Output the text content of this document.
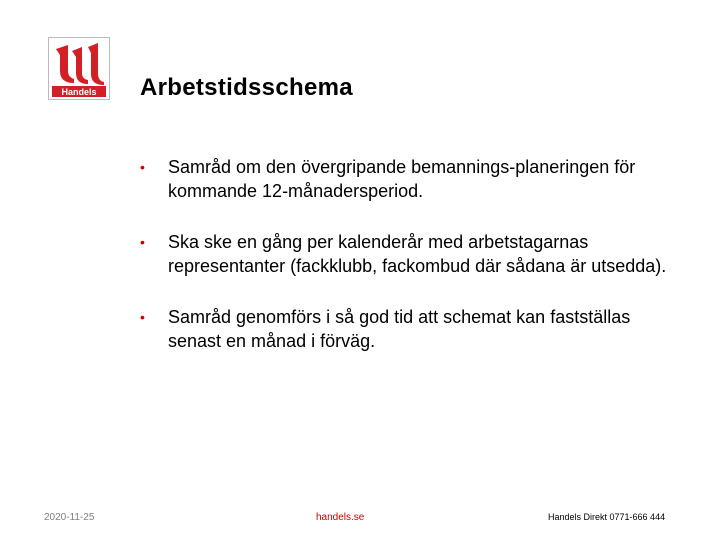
Handels Arbetstidsschema
• Samråd om den övergripande bemannings-planeringen för kommande 12-månadersperiod.
• Ska ske en gång per kalenderår med arbetstagarnas representanter (fackklubb, fackombud där sådana är utsedda).
• Samråd genomförs i så god tid att schemat kan fastställas senast en månad i förväg.
2020-11-25	handels.se	Handels Direkt 0771-666 444
